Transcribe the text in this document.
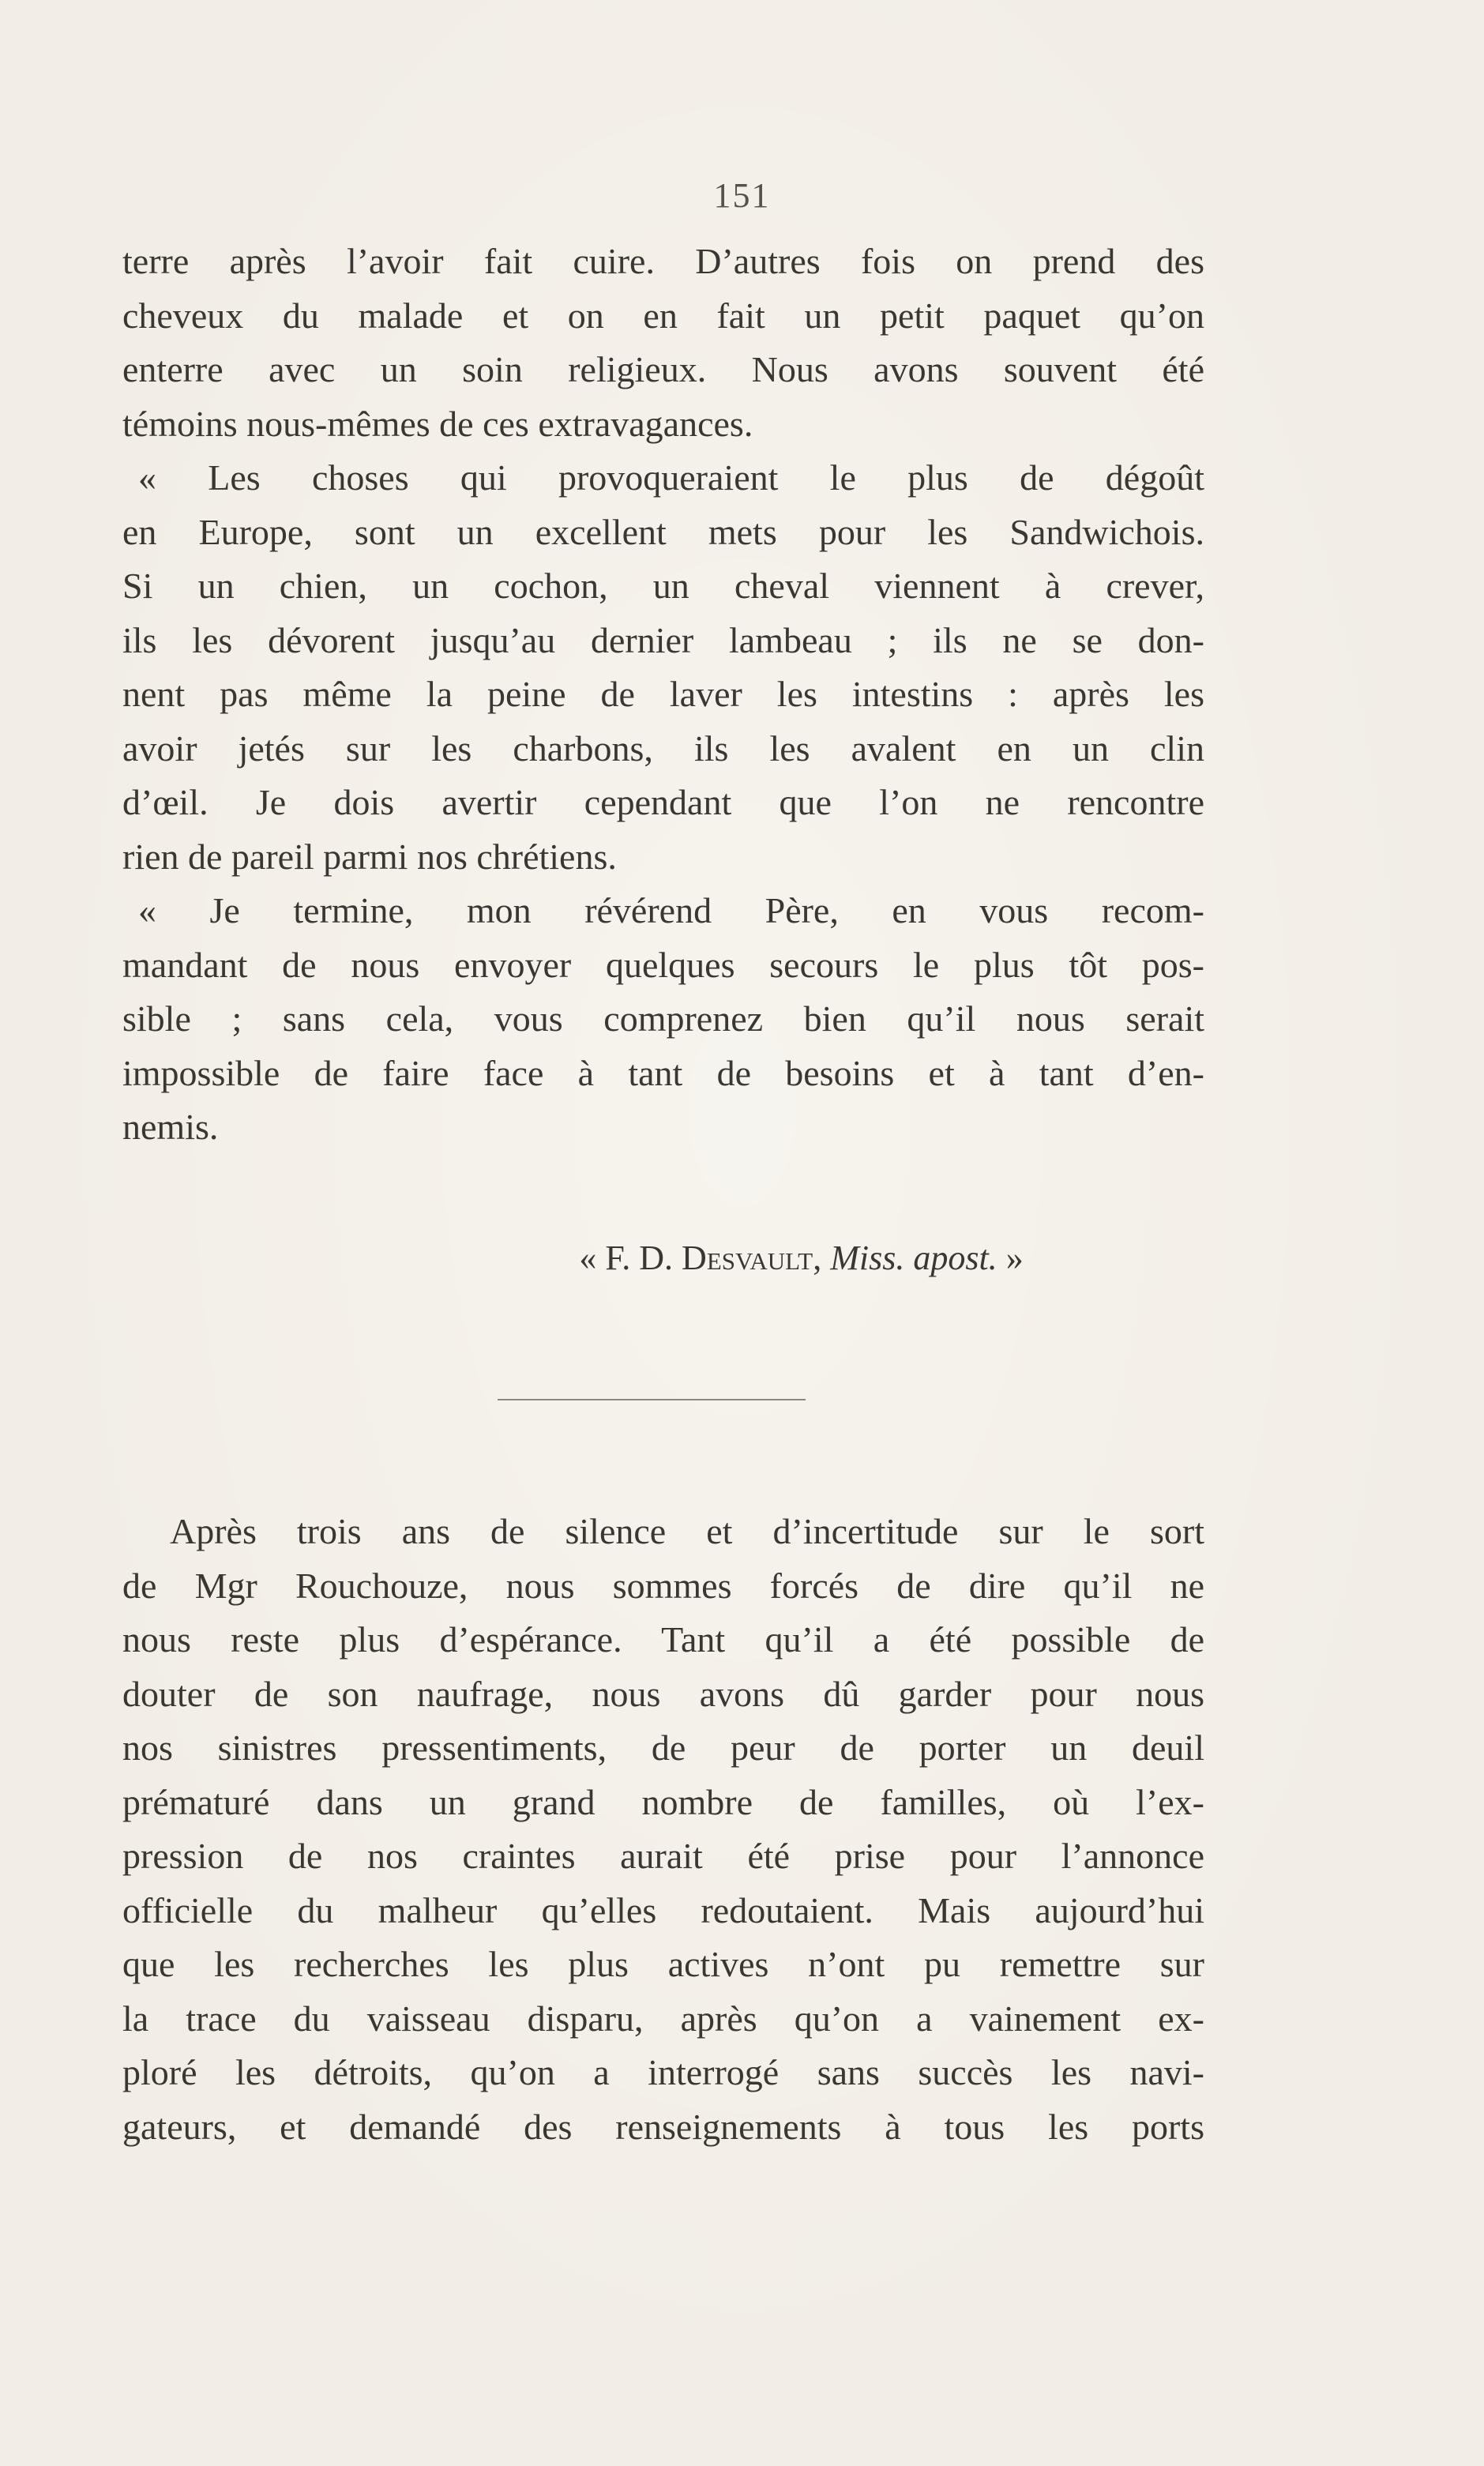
151
terre après l’avoir fait cuire. D’autres fois on prend des
cheveux du malade et on en fait un petit paquet qu’on
enterre avec un soin religieux. Nous avons souvent été
témoins nous-mêmes de ces extravagances.
« Les choses qui provoqueraient le plus de dégoût
en Europe, sont un excellent mets pour les Sandwichois.
Si un chien, un cochon, un cheval viennent à crever,
ils les dévorent jusqu’au dernier lambeau ; ils ne se don-
nent pas même la peine de laver les intestins : après les
avoir jetés sur les charbons, ils les avalent en un clin
d’œil. Je dois avertir cependant que l’on ne rencontre
rien de pareil parmi nos chrétiens.
« Je termine, mon révérend Père, en vous recom-
mandant de nous envoyer quelques secours le plus tôt pos-
sible ; sans cela, vous comprenez bien qu’il nous serait
impossible de faire face à tant de besoins et à tant d’en-
nemis.
« F. D. Desvault, Miss. apost. »
Après trois ans de silence et d’incertitude sur le sort
de Mgr Rouchouze, nous sommes forcés de dire qu’il ne
nous reste plus d’espérance. Tant qu’il a été possible de
douter de son naufrage, nous avons dû garder pour nous
nos sinistres pressentiments, de peur de porter un deuil
prématuré dans un grand nombre de familles, où l’ex-
pression de nos craintes aurait été prise pour l’annonce
officielle du malheur qu’elles redoutaient. Mais aujourd’hui
que les recherches les plus actives n’ont pu remettre sur
la trace du vaisseau disparu, après qu’on a vainement ex-
ploré les détroits, qu’on a interrogé sans succès les navi-
gateurs, et demandé des renseignements à tous les ports
